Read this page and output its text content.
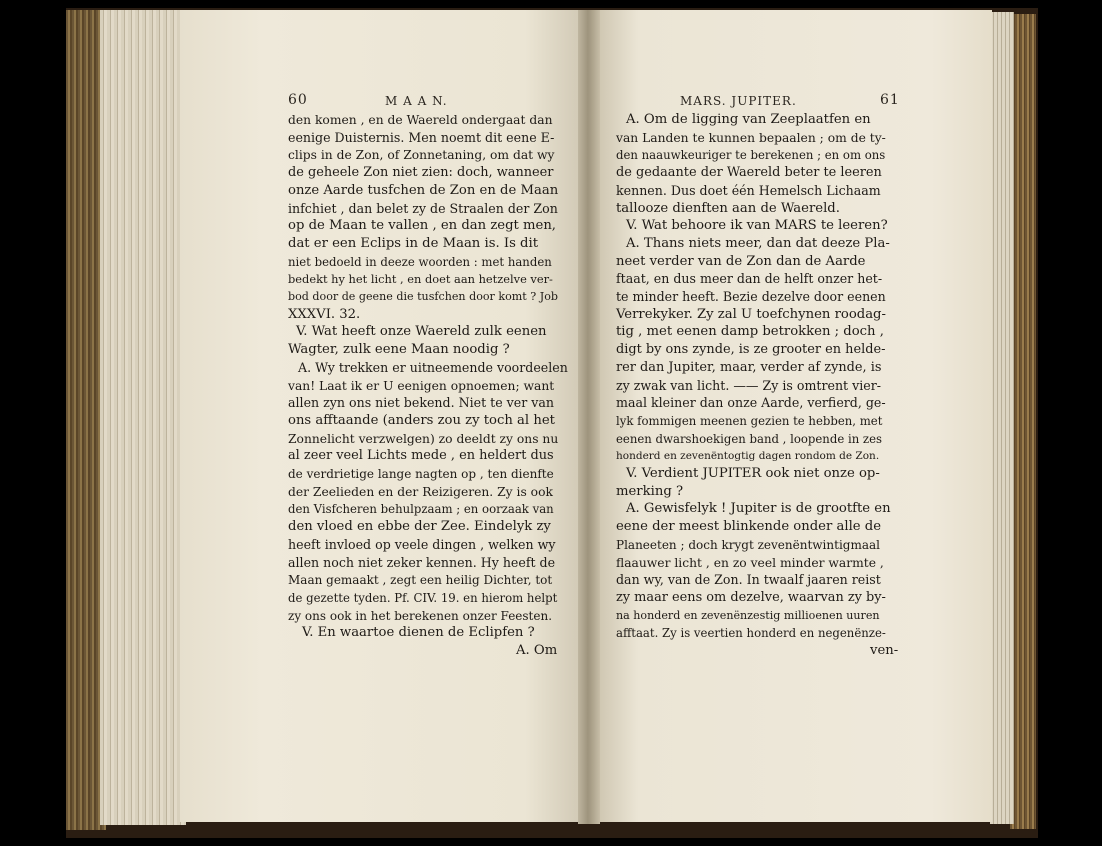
60	M A A N.
den komen , en de Waereld ondergaat dan
eenige Duisternis. Men noemt dit eene E-
clips in de Zon, of Zonnetaning, om dat wy
de geheele Zon niet zien: doch, wanneer
onze Aarde tusfchen de Zon en de Maan
infchiet , dan belet zy de Straalen der Zon
op de Maan te vallen , en dan zegt men,
dat er een Eclips in de Maan is. Is dit
niet bedoeld in deeze woorden : met handen
bedekt hy het licht , en doet aan hetzelve ver-
bod door de geene die tusfchen door komt ? Job
XXXVI. 32.
V. Wat heeft onze Waereld zulk eenen
Wagter, zulk eene Maan noodig ?
A. Wy trekken er uitneemende voordeelen
van! Laat ik er U eenigen opnoemen; want
allen zyn ons niet bekend. Niet te ver van
ons afftaande (anders zou zy toch al het
Zonnelicht verzwelgen) zo deeldt zy ons nu
al zeer veel Lichts mede , en heldert dus
de verdrietige lange nagten op , ten dienfte
der Zeelieden en der Reizigeren. Zy is ook
den Visfcheren behulpzaam ; en oorzaak van
den vloed en ebbe der Zee. Eindelyk zy
heeft invloed op veele dingen , welken wy
allen noch niet zeker kennen. Hy heeft de
Maan gemaakt , zegt een heilig Dichter, tot
de gezette tyden. Pf. CIV. 19. en hierom helpt
zy ons ook in het berekenen onzer Feesten.
V. En waartoe dienen de Eclipfen ?
A. Om
MARS. JUPITER.	61
A. Om de ligging van Zeeplaatfen en
van Landen te kunnen bepaalen ; om de ty-
den naauwkeuriger te berekenen ; en om ons
de gedaante der Waereld beter te leeren
kennen. Dus doet één Hemelsch Lichaam
tallooze dienften aan de Waereld.
V. Wat behoore ik van MARS te leeren?
A. Thans niets meer, dan dat deeze Pla-
neet verder van de Zon dan de Aarde
ftaat, en dus meer dan de helft onzer het-
te minder heeft. Bezie dezelve door eenen
Verrekyker. Zy zal U toefchynen roodag-
tig , met eenen damp betrokken ; doch ,
digt by ons zynde, is ze grooter en helde-
rer dan Jupiter, maar, verder af zynde, is
zy zwak van licht. —— Zy is omtrent vier-
maal kleiner dan onze Aarde, verfierd, ge-
lyk fommigen meenen gezien te hebben, met
eenen dwarshoekigen band , loopende in zes
honderd en zevenëntogtig dagen rondom de Zon.
V. Verdient JUPITER ook niet onze op-
merking ?
A. Gewisfelyk ! Jupiter is de grootfte en
eene der meest blinkende onder alle de
Planeeten ; doch krygt zevenëntwintigmaal
flaauwer licht , en zo veel minder warmte ,
dan wy, van de Zon. In twaalf jaaren reist
zy maar eens om dezelve, waarvan zy by-
na honderd en zevenënzestig millioenen uuren
afftaat. Zy is veertien honderd en negenënze-
ven-
